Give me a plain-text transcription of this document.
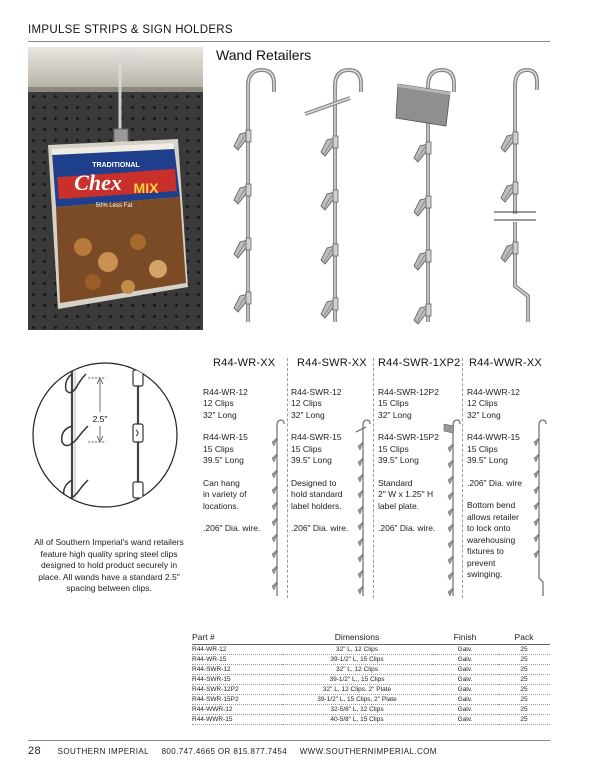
IMPULSE STRIPS & SIGN HOLDERS
TRADITIONAL
Chex MIX
50% Less Fat
Wand Retailers
2.5"
All of Southern Imperial's wand retailers feature high quality spring steel clips designed to hold product securely in place. All wands have a standard 2.5" spacing between clips.
R44-WR-XX
R44-WR-12
12 Clips
32" Long
R44-WR-15
15 Clips
39.5" Long
Can hang
in variety of
locations.
.206" Dia. wire.
R44-SWR-XX
R44-SWR-12
12 Clips
32" Long
R44-SWR-15
15 Clips
39.5" Long
Designed to
hold standard
label holders.
.206" Dia. wire.
R44-SWR-1XP2
R44-SWR-12P2
15 Clips
32" Long
R44-SWR-15P2
15 Clips
39.5" Long
Standard
2" W x 1.25" H
label plate.
.206" Dia. wire.
R44-WWR-XX
R44-WWR-12
12 Clips
32" Long
R44-WWR-15
15 Clips
39.5" Long
.206" Dia. wire
Bottom bend
allows retailer
to lock onto
warehousing
fixtures to
prevent
swinging.
Part #	Dimensions	Finish	Pack
R44-WR-12	32" L, 12 Clips	Galv.	25
R44-WR-15	39-1/2" L, 15 Clips	Galv.	25
R44-SWR-12	32" L, 12 Clips	Galv.	25
R44-SWR-15	39-1/2" L., 15 Clips	Galv.	25
R44-SWR-12P2	32" L, 12 Clips, 2" Plate	Galv.	25
R44-SWR-15P2	39-1/2" L, 15 Clips, 2" Plate	Galv.	25
R44-WWR-12	32-5/8" L, 12 Clips	Galv.	25
R44-WWR-15	40-5/8" L, 15 Clips	Galv.	25
28 SOUTHERN IMPERIAL 800.747.4665 OR 815.877.7454 WWW.SOUTHERNIMPERIAL.COM
